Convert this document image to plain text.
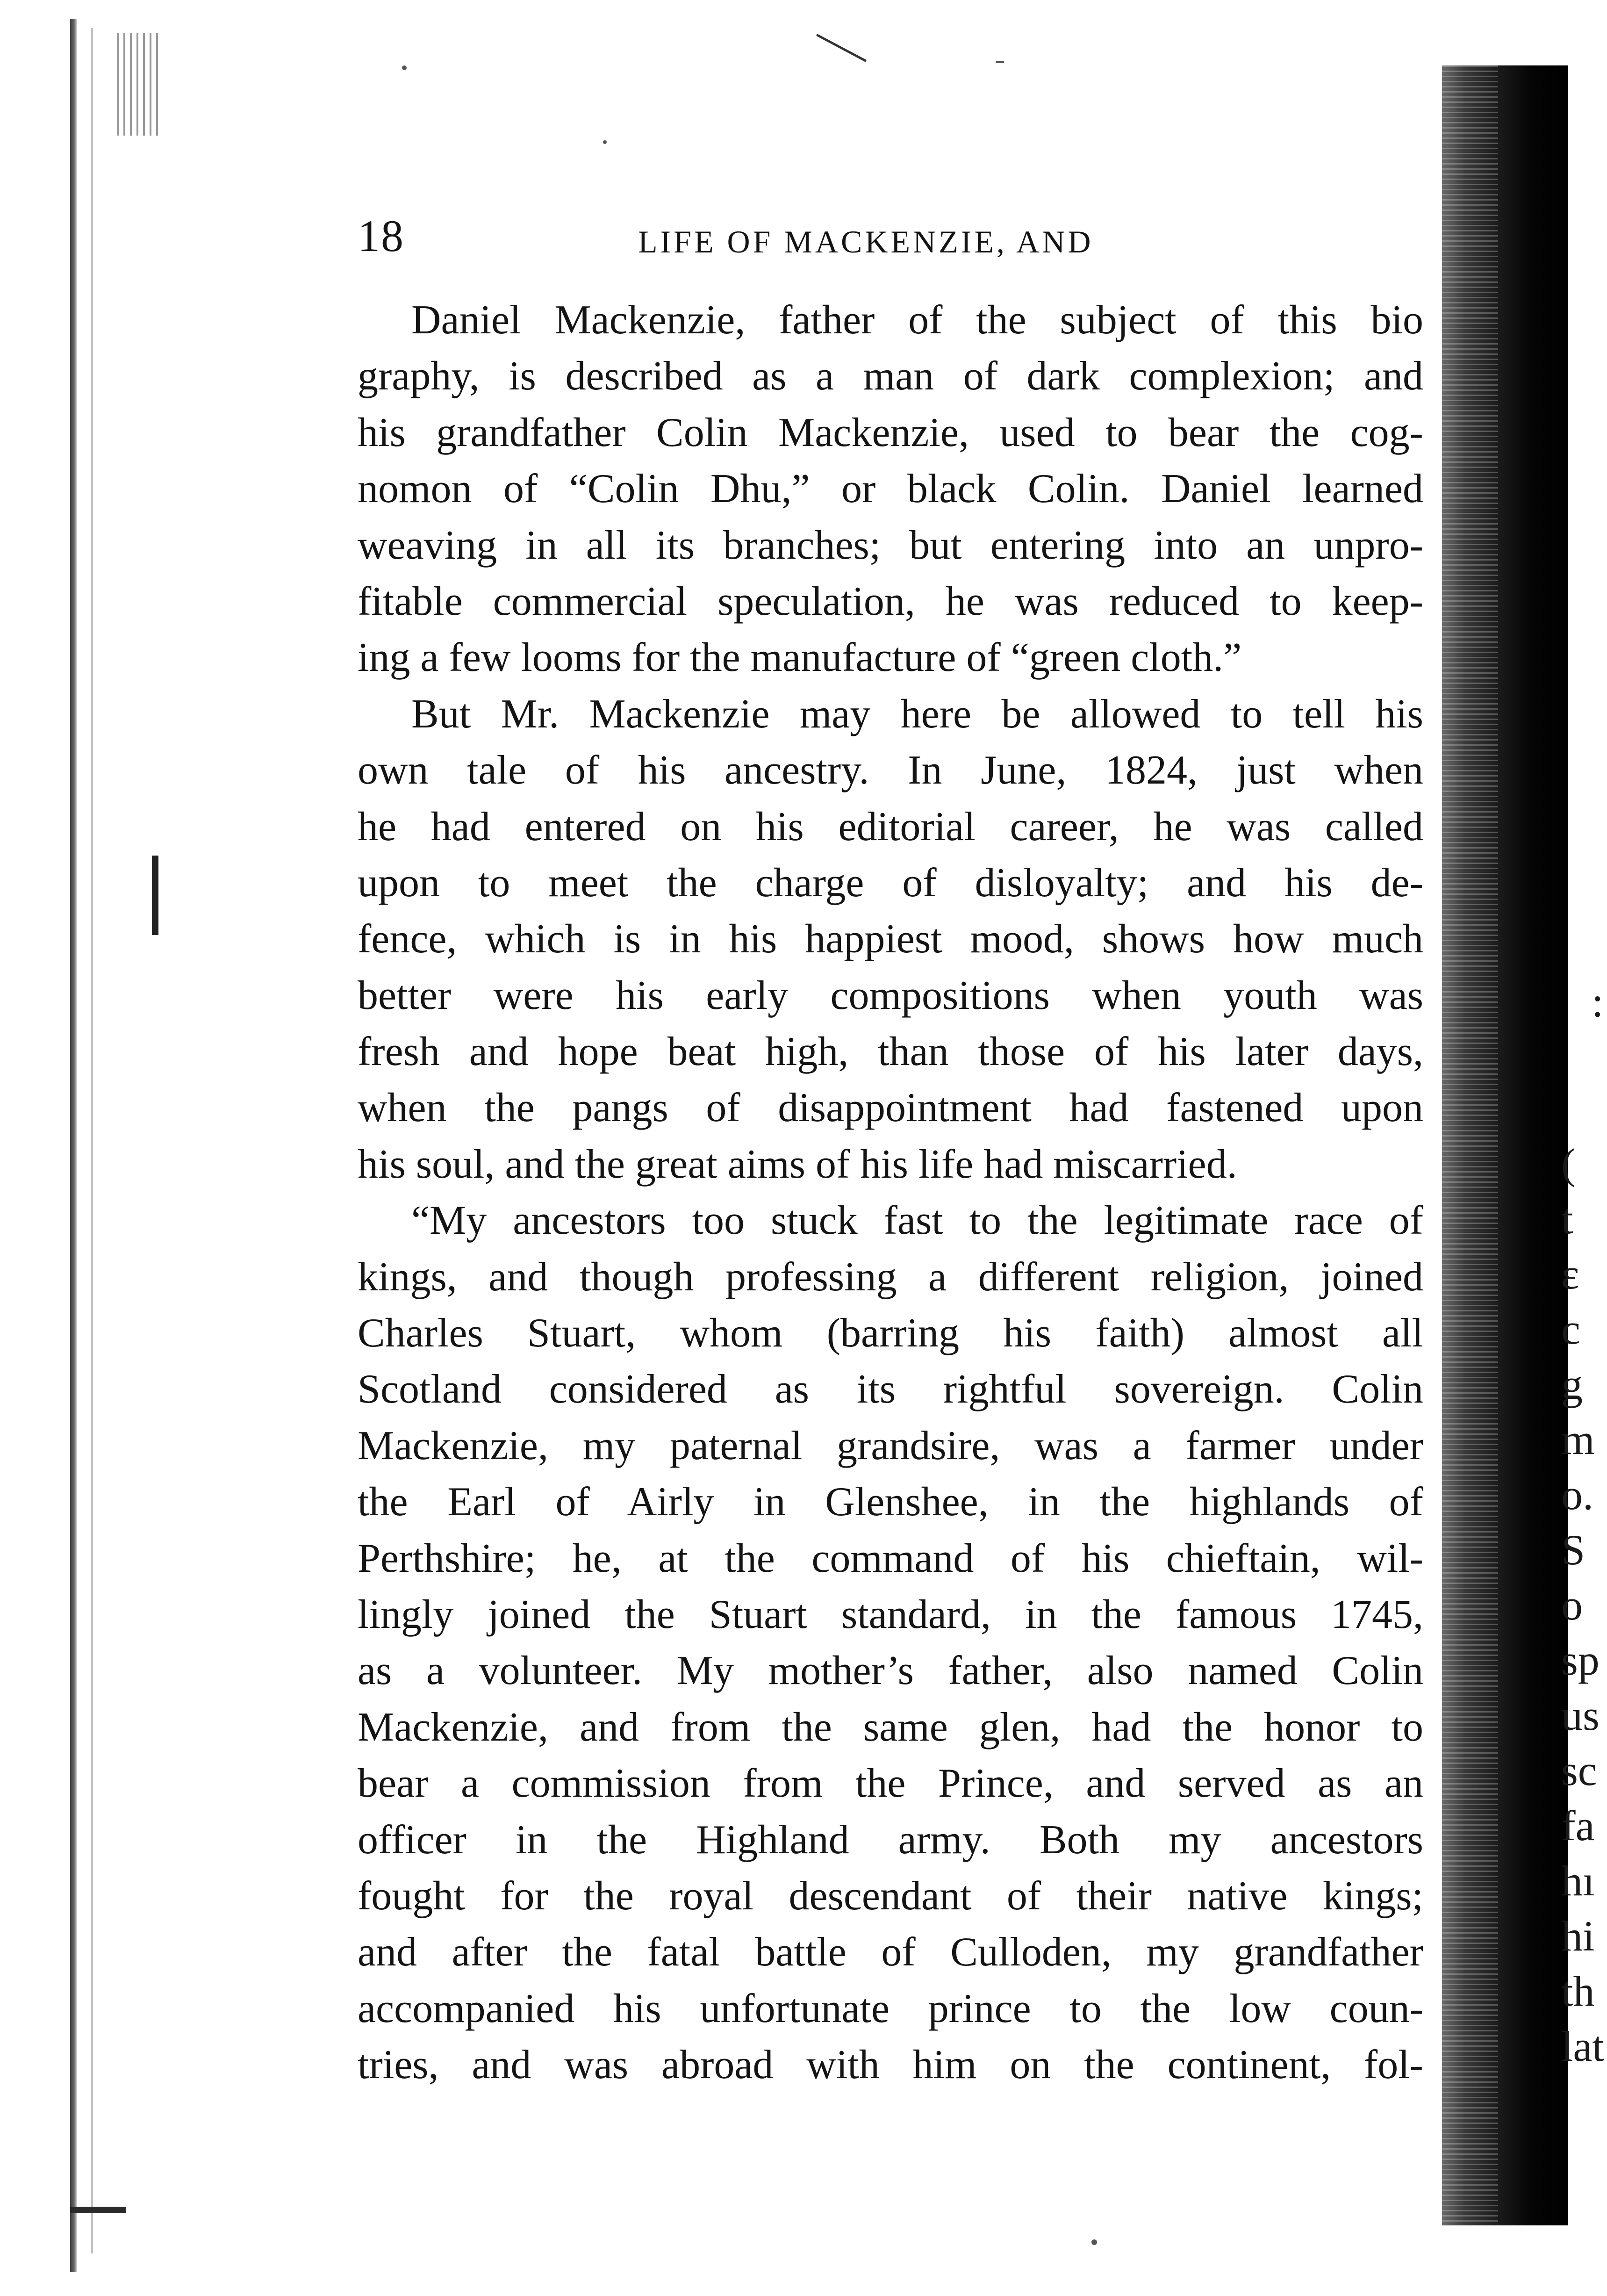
18	LIFE OF MACKENZIE, AND
Daniel Mackenzie, father of the subject of this bio
graphy, is described as a man of dark complexion; and
his grandfather Colin Mackenzie, used to bear the cog-
nomon of “Colin Dhu,” or black Colin. Daniel learned
weaving in all its branches; but entering into an unpro-
fitable commercial speculation, he was reduced to keep-
ing a few looms for the manufacture of “green cloth.”
But Mr. Mackenzie may here be allowed to tell his
own tale of his ancestry. In June, 1824, just when
he had entered on his editorial career, he was called
upon to meet the charge of disloyalty; and his de-
fence, which is in his happiest mood, shows how much
better were his early compositions when youth was
fresh and hope beat high, than those of his later days,
when the pangs of disappointment had fastened upon
his soul, and the great aims of his life had miscarried.
“My ancestors too stuck fast to the legitimate race of
kings, and though professing a different religion, joined
Charles Stuart, whom (barring his faith) almost all
Scotland considered as its rightful sovereign. Colin
Mackenzie, my paternal grandsire, was a farmer under
the Earl of Airly in Glenshee, in the highlands of
Perthshire; he, at the command of his chieftain, wil-
lingly joined the Stuart standard, in the famous 1745,
as a volunteer. My mother’s father, also named Colin
Mackenzie, and from the same glen, had the honor to
bear a commission from the Prince, and served as an
officer in the Highland army. Both my ancestors
fought for the royal descendant of their native kings;
and after the fatal battle of Culloden, my grandfather
accompanied his unfortunate prince to the low coun-
tries, and was abroad with him on the continent, fol-
:
(
t
ɛ
c
g
m
o.
S
o
sp
us
sc
fa
hı
hi
th
lat
